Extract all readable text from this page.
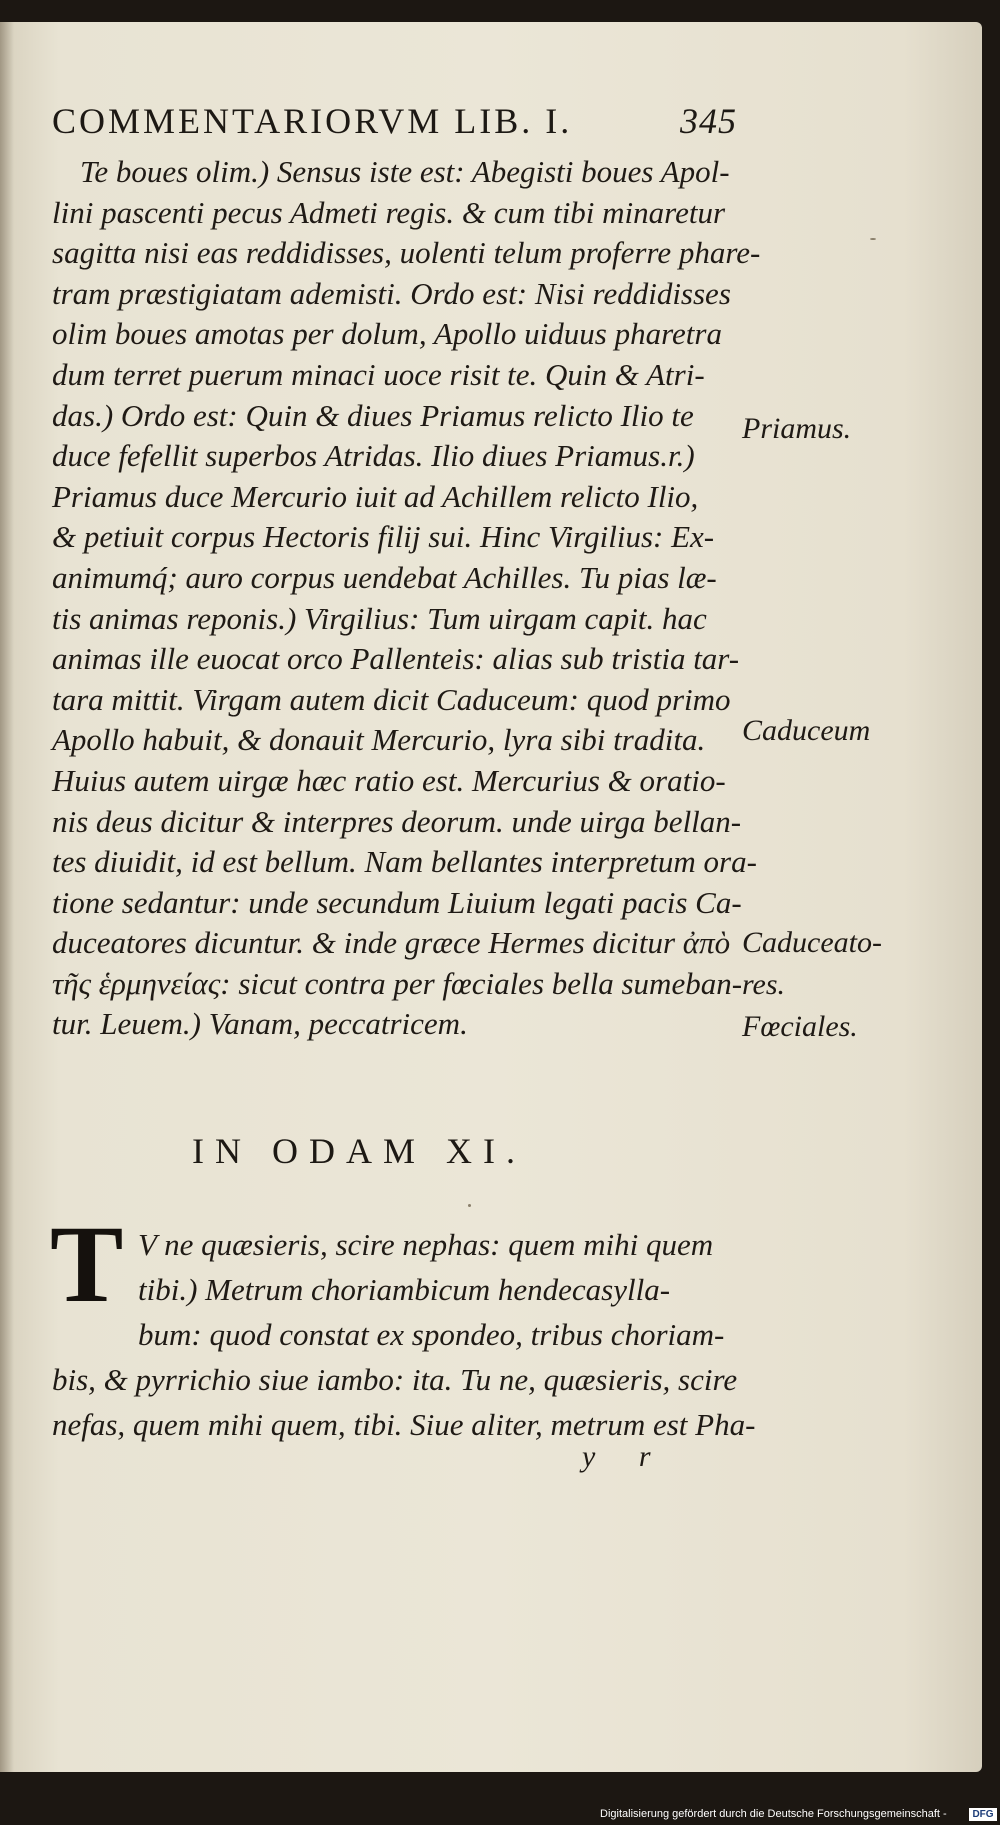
COMMENTARIORVM LIB. I.	345
Te boues olim.) Sensus iste est: Abegisti boues Apol-
lini pascenti pecus Admeti regis. & cum tibi minaretur
sagitta nisi eas reddidisses, uolenti telum proferre phare-
tram præstigiatam ademisti. Ordo est: Nisi reddidisses
olim boues amotas per dolum, Apollo uiduus pharetra
dum terret puerum minaci uoce risit te. Quin & Atri-
das.) Ordo est: Quin & diues Priamus relicto Ilio te
duce fefellit superbos Atridas. Ilio diues Priamus.r.)
Priamus duce Mercurio iuit ad Achillem relicto Ilio,
& petiuit corpus Hectoris filij sui. Hinc Virgilius: Ex-
animumq́; auro corpus uendebat Achilles. Tu pias læ-
tis animas reponis.) Virgilius: Tum uirgam capit. hac
animas ille euocat orco Pallenteis: alias sub tristia tar-
tara mittit. Virgam autem dicit Caduceum: quod primo
Apollo habuit, & donauit Mercurio, lyra sibi tradita.
Huius autem uirgæ hæc ratio est. Mercurius & oratio-
nis deus dicitur & interpres deorum. unde uirga bellan-
tes diuidit, id est bellum. Nam bellantes interpretum ora-
tione sedantur: unde secundum Liuium legati pacis Ca-
duceatores dicuntur. & inde græce Hermes dicitur ἀπὸ
τῆς ἑρμηνείας: sicut contra per fœciales bella sumeban-
tur. Leuem.) Vanam, peccatricem.
Priamus.
Caduceum
Caduceato-
res.
Fœciales.
IN ODAM XI.
T V ne quæsieris, scire nephas: quem mihi quem
tibi.) Metrum choriambicum hendecasylla-
bum: quod constat ex spondeo, tribus choriam-
bis, & pyrrichio siue iambo: ita. Tu ne, quæsieris, scire
nefas, quem mihi quem, tibi. Siue aliter, metrum est Pha-
y r
Digitalisierung gefördert durch die Deutsche Forschungsgemeinschaft -	DFG
